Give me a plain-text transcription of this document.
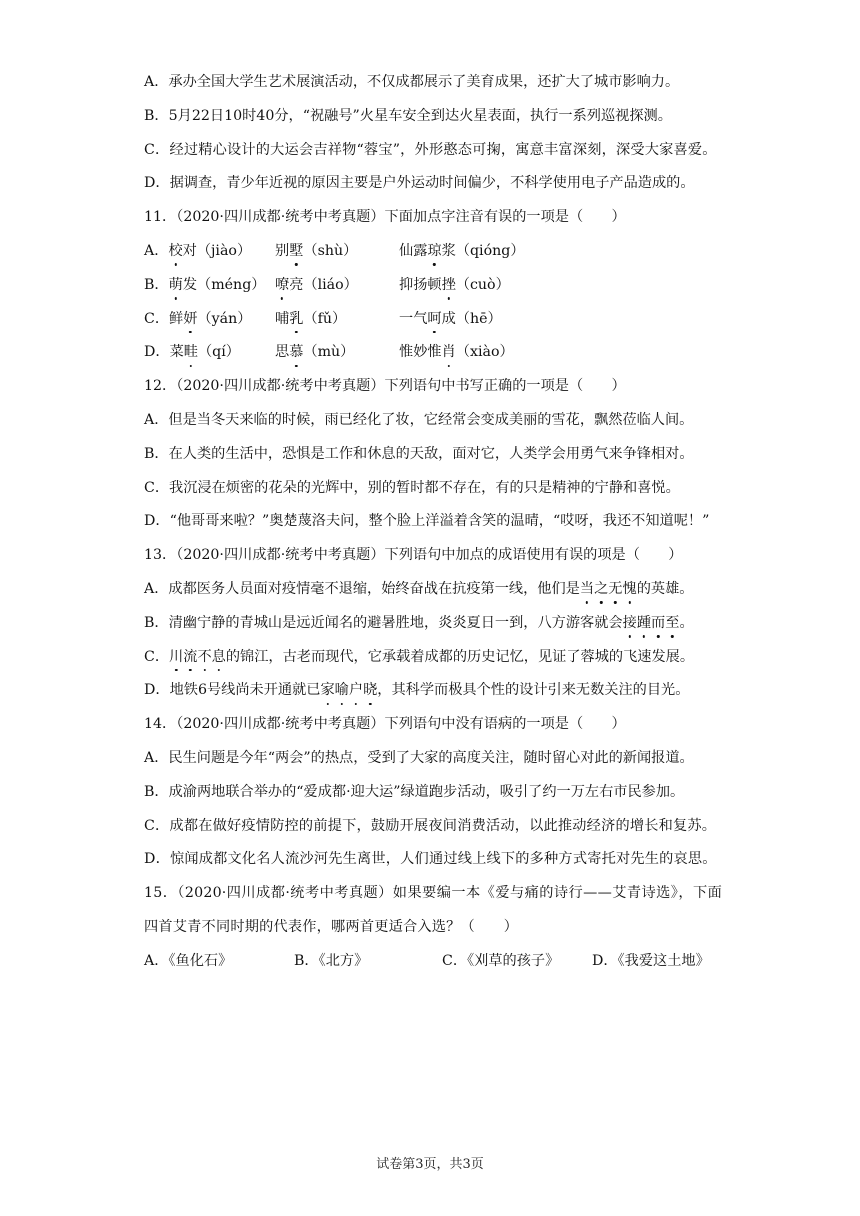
A．承办全国大学生艺术展演活动，不仅成都展示了美育成果，还扩大了城市影响力。
B．5月22日10时40分，“祝融号”火星车安全到达火星表面，执行一系列巡视探测。
C．经过精心设计的大运会吉祥物“蓉宝”，外形憨态可掬，寓意丰富深刻，深受大家喜爱。
D．据调查，青少年近视的原因主要是户外运动时间偏少，不科学使用电子产品造成的。
11．（2020·四川成都·统考中考真题）下面加点字注音有误的一项是（　　）
A．校对（jiào） 别墅（shù）	仙露琼浆（qióng）
B．萌发（méng） 嘹亮（liáo）	抑扬顿挫（cuò）
C．鲜妍（yán） 哺乳（fǔ）	一气呵成（hē）
D．菜畦（qí） 思慕（mù）	惟妙惟肖（xiào）
12．（2020·四川成都·统考中考真题）下列语句中书写正确的一项是（　　）
A．但是当冬天来临的时候，雨已经化了妆，它经常会变成美丽的雪花，飘然莅临人间。
B．在人类的生活中，恐惧是工作和休息的天敌，面对它，人类学会用勇气来争锋相对。
C．我沉浸在烦密的花朵的光辉中，别的暂时都不存在，有的只是精神的宁静和喜悦。
D．“他哥哥来啦？”奥楚蔑洛夫问，整个脸上洋溢着含笑的温晴，“哎呀，我还不知道呢！”
13．（2020·四川成都·统考中考真题）下列语句中加点的成语使用有误的项是（　　）
A．成都医务人员面对疫情毫不退缩，始终奋战在抗疫第一线，他们是当之无愧的英雄。
B．清幽宁静的青城山是远近闻名的避暑胜地，炎炎夏日一到，八方游客就会接踵而至。
C．川流不息的锦江，古老而现代，它承载着成都的历史记忆，见证了蓉城的飞速发展。
D．地铁6号线尚未开通就已家喻户晓，其科学而极具个性的设计引来无数关注的目光。
14．（2020·四川成都·统考中考真题）下列语句中没有语病的一项是（　　）
A．民生问题是今年“两会”的热点，受到了大家的高度关注，随时留心对此的新闻报道。
B．成渝两地联合举办的“爱成都·迎大运”绿道跑步活动，吸引了约一万左右市民参加。
C．成都在做好疫情防控的前提下，鼓励开展夜间消费活动，以此推动经济的增长和复苏。
D．惊闻成都文化名人流沙河先生离世，人们通过线上线下的多种方式寄托对先生的哀思。
15．（2020·四川成都·统考中考真题）如果要编一本《爱与痛的诗行——艾青诗选》，下面四首艾青不同时期的代表作，哪两首更适合入选？（　　）
A．《鱼化石》	B．《北方》	C．《刈草的孩子》 D．《我爱这土地》
试卷第3页，共3页
